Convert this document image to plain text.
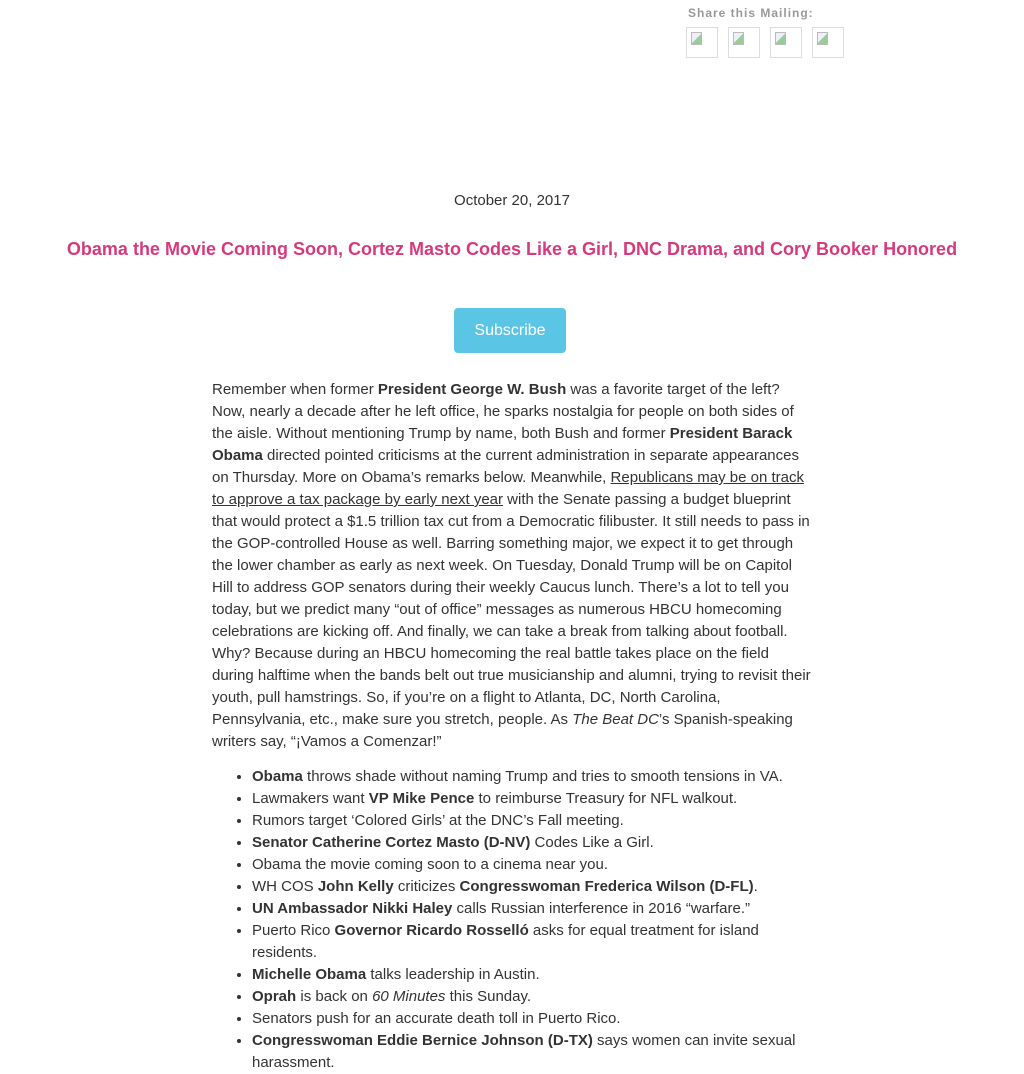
Share this Mailing:
October 20, 2017
Obama the Movie Coming Soon, Cortez Masto Codes Like a Girl, DNC Drama, and Cory Booker Honored
Subscribe

Remember when former President George W. Bush was a favorite target of the left? Now, nearly a decade after he left office, he sparks nostalgia for people on both sides of the aisle. Without mentioning Trump by name, both Bush and former President Barack Obama directed pointed criticisms at the current administration in separate appearances on Thursday. More on Obama’s remarks below. Meanwhile, Republicans may be on track to approve a tax package by early next year with the Senate passing a budget blueprint that would protect a $1.5 trillion tax cut from a Democratic filibuster. It still needs to pass in the GOP-controlled House as well. Barring something major, we expect it to get through the lower chamber as early as next week. On Tuesday, Donald Trump will be on Capitol Hill to address GOP senators during their weekly Caucus lunch. There’s a lot to tell you today, but we predict many “out of office” messages as numerous HBCU homecoming celebrations are kicking off. And finally, we can take a break from talking about football. Why? Because during an HBCU homecoming the real battle takes place on the field during halftime when the bands belt out true musicianship and alumni, trying to revisit their youth, pull hamstrings. So, if you’re on a flight to Atlanta, DC, North Carolina, Pennsylvania, etc., make sure you stretch, people. As The Beat DC’s Spanish-speaking writers say, “¡Vamos a Comenzar!”

• Obama throws shade without naming Trump and tries to smooth tensions in VA.
• Lawmakers want VP Mike Pence to reimburse Treasury for NFL walkout.
• Rumors target ‘Colored Girls’ at the DNC’s Fall meeting.
• Senator Catherine Cortez Masto (D-NV) Codes Like a Girl.
• Obama the movie coming soon to a cinema near you.
• WH COS John Kelly criticizes Congresswoman Frederica Wilson (D-FL).
• UN Ambassador Nikki Haley calls Russian interference in 2016 “warfare.”
• Puerto Rico Governor Ricardo Rosselló asks for equal treatment for island residents.
• Michelle Obama talks leadership in Austin.
• Oprah is back on 60 Minutes this Sunday.
• Senators push for an accurate death toll in Puerto Rico.
• Congresswoman Eddie Bernice Johnson (D-TX) says women can invite sexual harassment.
